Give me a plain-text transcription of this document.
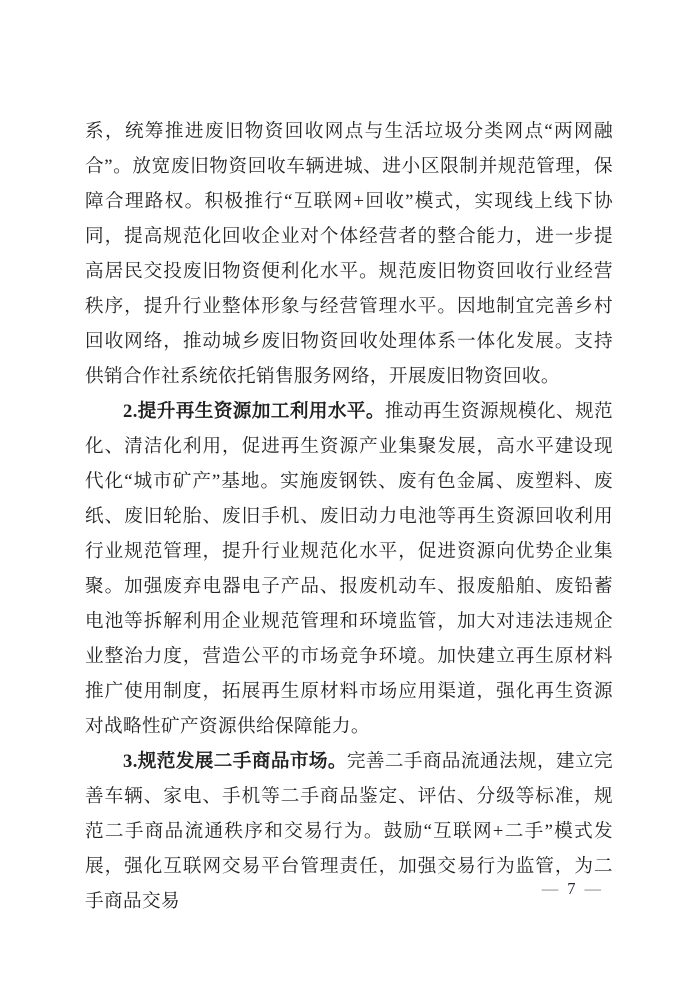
系，统筹推进废旧物资回收网点与生活垃圾分类网点“两网融合”。放宽废旧物资回收车辆进城、进小区限制并规范管理，保障合理路权。积极推行“互联网+回收”模式，实现线上线下协同，提高规范化回收企业对个体经营者的整合能力，进一步提高居民交投废旧物资便利化水平。规范废旧物资回收行业经营秩序，提升行业整体形象与经营管理水平。因地制宜完善乡村回收网络，推动城乡废旧物资回收处理体系一体化发展。支持供销合作社系统依托销售服务网络，开展废旧物资回收。

2.提升再生资源加工利用水平。推动再生资源规模化、规范化、清洁化利用，促进再生资源产业集聚发展，高水平建设现代化“城市矿产”基地。实施废钢铁、废有色金属、废塑料、废纸、废旧轮胎、废旧手机、废旧动力电池等再生资源回收利用行业规范管理，提升行业规范化水平，促进资源向优势企业集聚。加强废弃电器电子产品、报废机动车、报废船舶、废铅蓄电池等拆解利用企业规范管理和环境监管，加大对违法违规企业整治力度，营造公平的市场竞争环境。加快建立再生原材料推广使用制度，拓展再生原材料市场应用渠道，强化再生资源对战略性矿产资源供给保障能力。

3.规范发展二手商品市场。完善二手商品流通法规，建立完善车辆、家电、手机等二手商品鉴定、评估、分级等标准，规范二手商品流通秩序和交易行为。鼓励“互联网+二手”模式发展，强化互联网交易平台管理责任，加强交易行为监管，为二手商品交易

— 7 —
